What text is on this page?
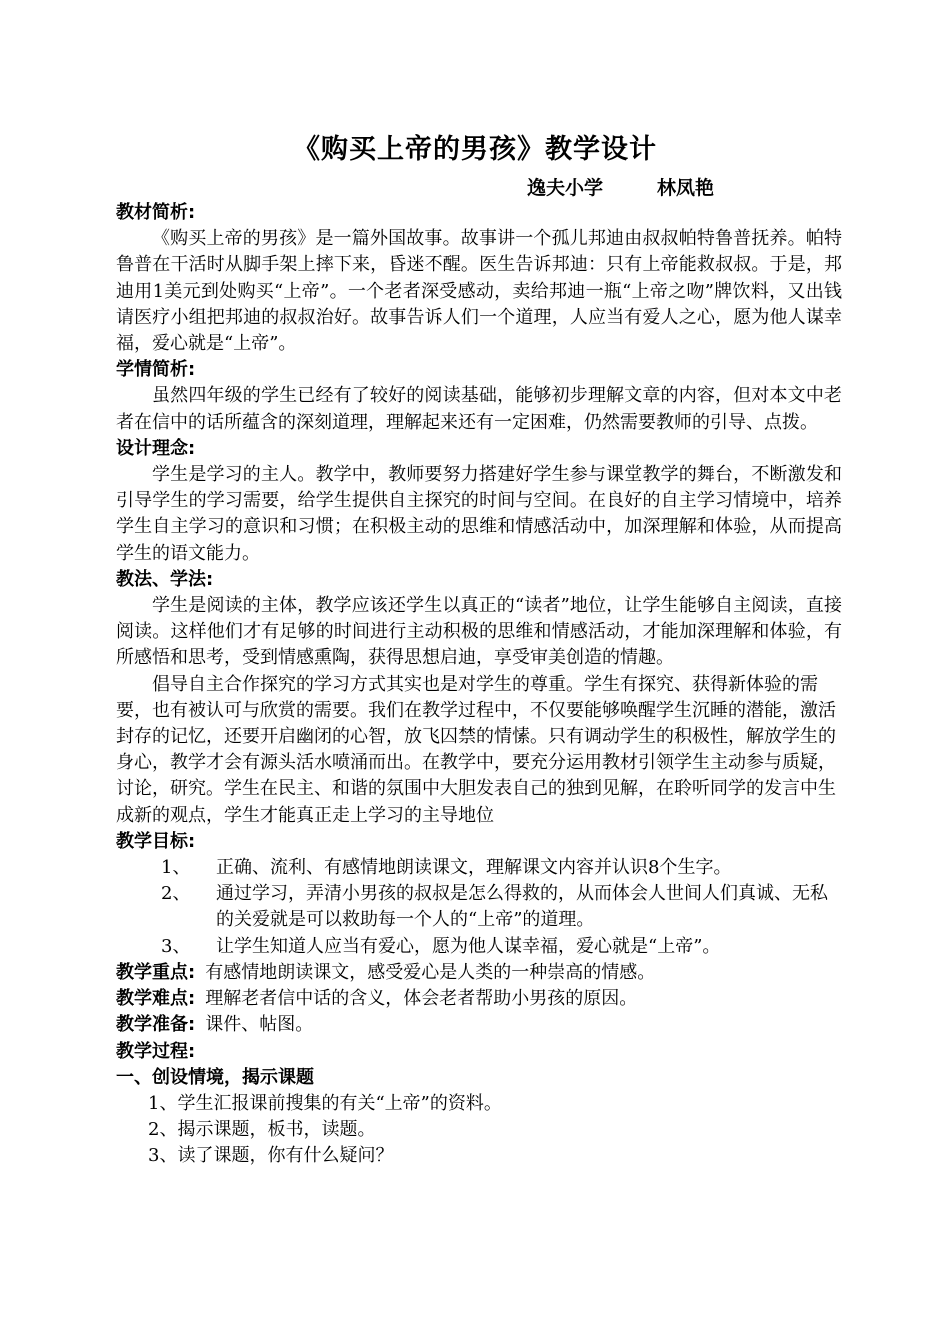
《购买上帝的男孩》教学设计
逸夫小学	林凤艳
教材简析:

《购买上帝的男孩》是一篇外国故事。故事讲一个孤儿邦迪由叔叔帕特鲁普抚养。帕特鲁普在干活时从脚手架上摔下来，昏迷不醒。医生告诉邦迪：只有上帝能救叔叔。于是，邦迪用1美元到处购买“上帝”。一个老者深受感动，卖给邦迪一瓶“上帝之吻”牌饮料，又出钱请医疗小组把邦迪的叔叔治好。故事告诉人们一个道理，人应当有爱人之心，愿为他人谋幸福，爱心就是“上帝”。

学情简析:

虽然四年级的学生已经有了较好的阅读基础，能够初步理解文章的内容，但对本文中老者在信中的话所蕴含的深刻道理，理解起来还有一定困难，仍然需要教师的引导、点拨。

设计理念:

学生是学习的主人。教学中，教师要努力搭建好学生参与课堂教学的舞台，不断激发和引导学生的学习需要，给学生提供自主探究的时间与空间。在良好的自主学习情境中，培养学生自主学习的意识和习惯；在积极主动的思维和情感活动中，加深理解和体验，从而提高学生的语文能力。

教法、学法:

学生是阅读的主体，教学应该还学生以真正的“读者”地位，让学生能够自主阅读，直接阅读。这样他们才有足够的时间进行主动积极的思维和情感活动，才能加深理解和体验，有所感悟和思考，受到情感熏陶，获得思想启迪，享受审美创造的情趣。

倡导自主合作探究的学习方式其实也是对学生的尊重。学生有探究、获得新体验的需要，也有被认可与欣赏的需要。我们在教学过程中，不仅要能够唤醒学生沉睡的潜能，激活封存的记忆，还要开启幽闭的心智，放飞囚禁的情愫。只有调动学生的积极性，解放学生的身心，教学才会有源头活水喷涌而出。在教学中，要充分运用教材引领学生主动参与质疑，讨论，研究。学生在民主、和谐的氛围中大胆发表自己的独到见解，在聆听同学的发言中生成新的观点，学生才能真正走上学习的主导地位

教学目标:
1、	正确、流利、有感情地朗读课文，理解课文内容并认识8个生字。
2、	通过学习，弄清小男孩的叔叔是怎么得救的，从而体会人世间人们真诚、无私的关爱就是可以救助每一个人的“上帝”的道理。
3、	让学生知道人应当有爱心，愿为他人谋幸福，爱心就是“上帝”。

教学重点: 有感情地朗读课文，感受爱心是人类的一种崇高的情感。

教学难点: 理解老者信中话的含义，体会老者帮助小男孩的原因。

教学准备: 课件、帖图。

教学过程:
一、创设情境，揭示课题

1、学生汇报课前搜集的有关“上帝”的资料。

2、揭示课题，板书，读题。

3、读了课题，你有什么疑问？
